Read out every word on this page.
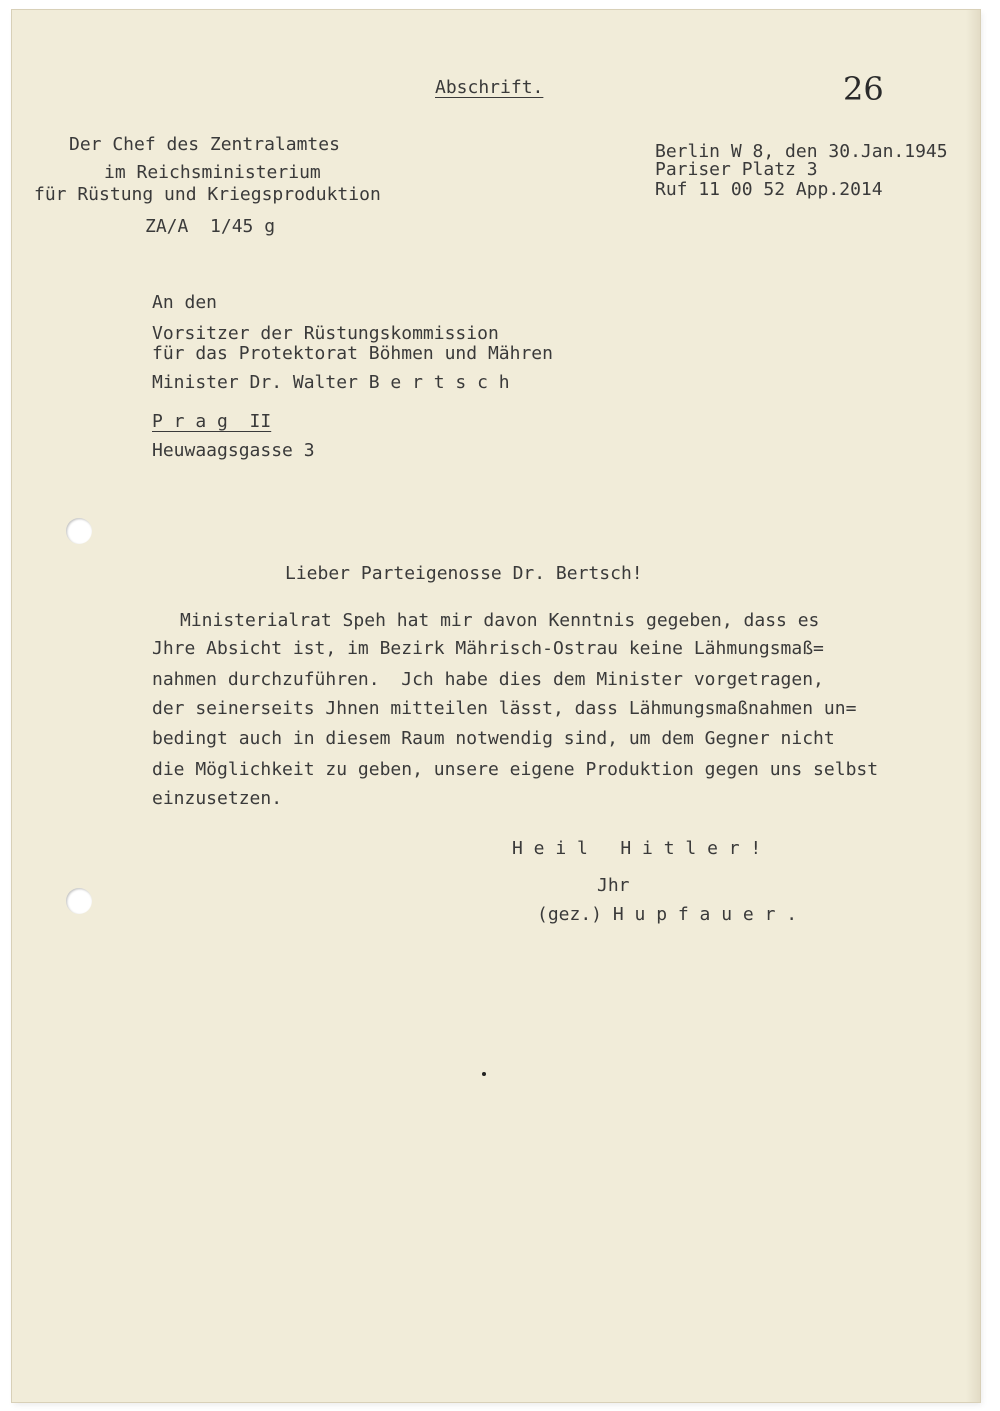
Abschrift.	26
Der Chef des Zentralamtes
im Reichsministerium
für Rüstung und Kriegsproduktion
ZA/A  1/45 g
Berlin W 8, den 30.Jan.1945
Pariser Platz 3
Ruf 11 00 52 App.2014
An den
Vorsitzer der Rüstungskommission
für das Protektorat Böhmen und Mähren
Minister Dr. Walter B e r t s c h
P r a g  II
Heuwaagsgasse 3
Lieber Parteigenosse Dr. Bertsch!
Ministerialrat Speh hat mir davon Kenntnis gegeben, dass es
Jhre Absicht ist, im Bezirk Mährisch-Ostrau keine Lähmungsmaß=
nahmen durchzuführen.  Jch habe dies dem Minister vorgetragen,
der seinerseits Jhnen mitteilen lässt, dass Lähmungsmaßnahmen un=
bedingt auch in diesem Raum notwendig sind, um dem Gegner nicht
die Möglichkeit zu geben, unsere eigene Produktion gegen uns selbst
einzusetzen.
H e i l   H i t l e r !
Jhr
(gez.) H u p f a u e r .
